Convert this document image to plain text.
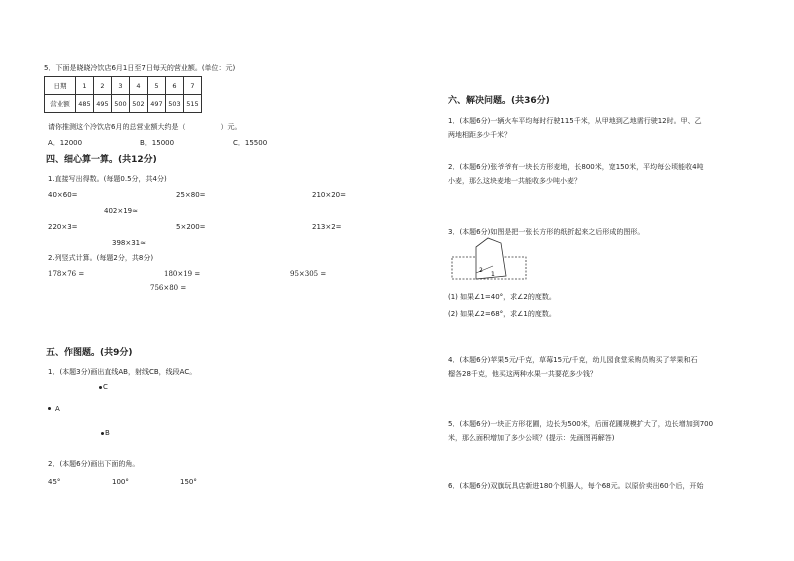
5．下面是晓晓冷饮店6月1日至7日每天的营业额。(单位：元)
日期	1	2	3	4	5	6	7
营业额	485	495	500	502	497	503	515
请你推测这个冷饮店6月的总营业额大约是（　　　　　）元。
A．12000	B．15000	C．15500
四、细心算一算。(共12分)
1.直接写出得数。(每题0.5分，共4分)
40×60=	25×80=	210×20=
402×19≈
220×3=	5×200=	213×2=
398×31≈
2.列竖式计算。(每题2分，共8分)
178×76 =	180×19 =	95×305 =
756×80 =
五、作图题。(共9分)
1．(本题3分)画出直线AB，射线CB，线段AC。
C
A
B
2．(本题6分)画出下面的角。
45°	100°	150°
六、解决问题。(共36分)
1．(本题6分)一辆火车平均每时行驶115千米，从甲地到乙地需行驶12时。甲、乙
两地相距多少千米？
2．(本题6分)张爷爷有一块长方形麦地，长800米，宽150米，平均每公顷能收4吨
小麦，那么这块麦地一共能收多少吨小麦？
3．(本题6分)如图是把一张长方形的纸折起来之后形成的图形。
2
1
(1) 如果∠1=40°，求∠2的度数。
(2) 如果∠2=68°，求∠1的度数。
4．(本题6分)苹果5元/千克，草莓15元/千克，幼儿园食堂采购员购买了苹果和石
榴各28千克，他买这两种水果一共要花多少钱？
5．(本题6分)一块正方形花圃，边长为500米，后面花圃规模扩大了，边长增加到700
米，那么面积增加了多少公顷？(提示：先画图再解答)
6．(本题6分)双旗玩具店新进180个机器人，每个68元。以原价卖出60个后，开始
